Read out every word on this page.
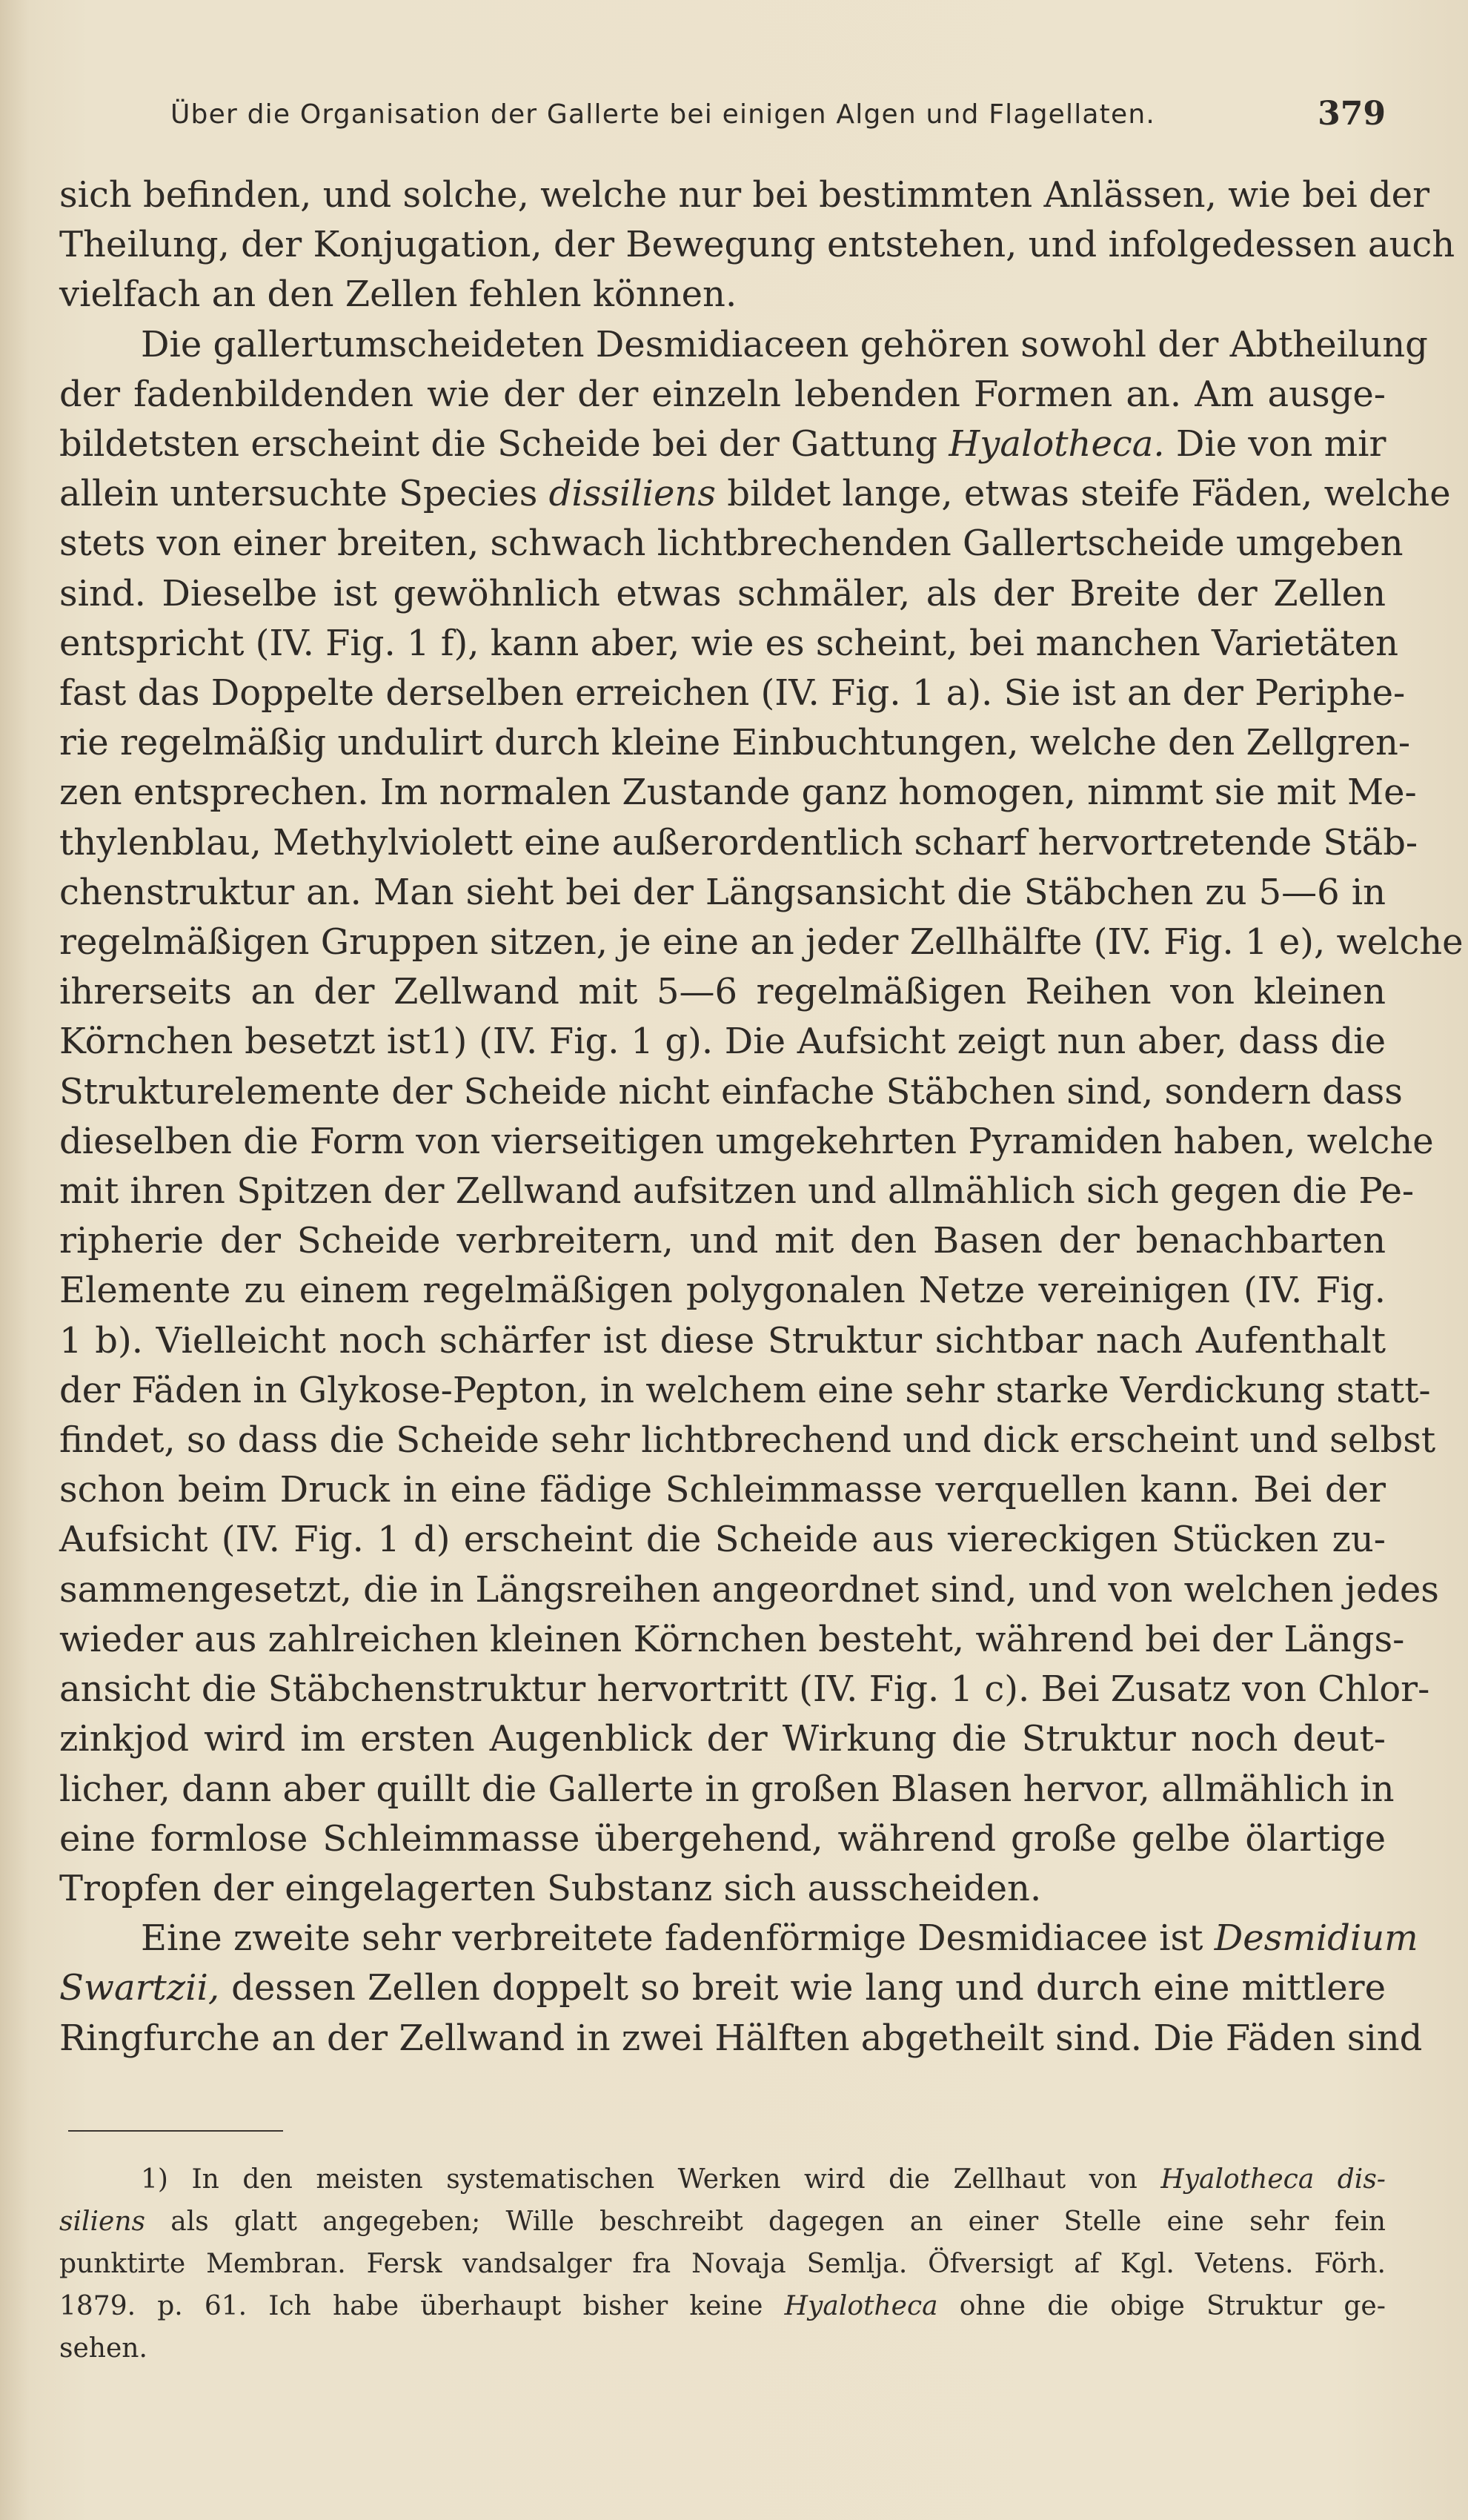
Über die Organisation der Gallerte bei einigen Algen und Flagellaten.	379
sich befinden, und solche, welche nur bei bestimmten Anlässen, wie bei der
Theilung, der Konjugation, der Bewegung entstehen, und infolgedessen auch
vielfach an den Zellen fehlen können.
Die gallertumscheideten Desmidiaceen gehören sowohl der Abtheilung
der fadenbildenden wie der der einzeln lebenden Formen an. Am ausge-
bildetsten erscheint die Scheide bei der Gattung Hyalotheca. Die von mir
allein untersuchte Species dissiliens bildet lange, etwas steife Fäden, welche
stets von einer breiten, schwach lichtbrechenden Gallertscheide umgeben
sind. Dieselbe ist gewöhnlich etwas schmäler, als der Breite der Zellen
entspricht (IV. Fig. 1 f), kann aber, wie es scheint, bei manchen Varietäten
fast das Doppelte derselben erreichen (IV. Fig. 1 a). Sie ist an der Periphe-
rie regelmäßig undulirt durch kleine Einbuchtungen, welche den Zellgren-
zen entsprechen. Im normalen Zustande ganz homogen, nimmt sie mit Me-
thylenblau, Methylviolett eine außerordentlich scharf hervortretende Stäb-
chenstruktur an. Man sieht bei der Längsansicht die Stäbchen zu 5—6 in
regelmäßigen Gruppen sitzen, je eine an jeder Zellhälfte (IV. Fig. 1 e), welche
ihrerseits an der Zellwand mit 5—6 regelmäßigen Reihen von kleinen
Körnchen besetzt ist1) (IV. Fig. 1 g). Die Aufsicht zeigt nun aber, dass die
Strukturelemente der Scheide nicht einfache Stäbchen sind, sondern dass
dieselben die Form von vierseitigen umgekehrten Pyramiden haben, welche
mit ihren Spitzen der Zellwand aufsitzen und allmählich sich gegen die Pe-
ripherie der Scheide verbreitern, und mit den Basen der benachbarten
Elemente zu einem regelmäßigen polygonalen Netze vereinigen (IV. Fig.
1 b). Vielleicht noch schärfer ist diese Struktur sichtbar nach Aufenthalt
der Fäden in Glykose-Pepton, in welchem eine sehr starke Verdickung statt-
findet, so dass die Scheide sehr lichtbrechend und dick erscheint und selbst
schon beim Druck in eine fädige Schleimmasse verquellen kann. Bei der
Aufsicht (IV. Fig. 1 d) erscheint die Scheide aus viereckigen Stücken zu-
sammengesetzt, die in Längsreihen angeordnet sind, und von welchen jedes
wieder aus zahlreichen kleinen Körnchen besteht, während bei der Längs-
ansicht die Stäbchenstruktur hervortritt (IV. Fig. 1 c). Bei Zusatz von Chlor-
zinkjod wird im ersten Augenblick der Wirkung die Struktur noch deut-
licher, dann aber quillt die Gallerte in großen Blasen hervor, allmählich in
eine formlose Schleimmasse übergehend, während große gelbe ölartige
Tropfen der eingelagerten Substanz sich ausscheiden.
Eine zweite sehr verbreitete fadenförmige Desmidiacee ist Desmidium
Swartzii, dessen Zellen doppelt so breit wie lang und durch eine mittlere
Ringfurche an der Zellwand in zwei Hälften abgetheilt sind. Die Fäden sind
1) In den meisten systematischen Werken wird die Zellhaut von Hyalotheca dis-
siliens als glatt angegeben; Wille beschreibt dagegen an einer Stelle eine sehr fein
punktirte Membran. Fersk vandsalger fra Novaja Semlja. Öfversigt af Kgl. Vetens. Förh.
1879. p. 61. Ich habe überhaupt bisher keine Hyalotheca ohne die obige Struktur ge-
sehen.
